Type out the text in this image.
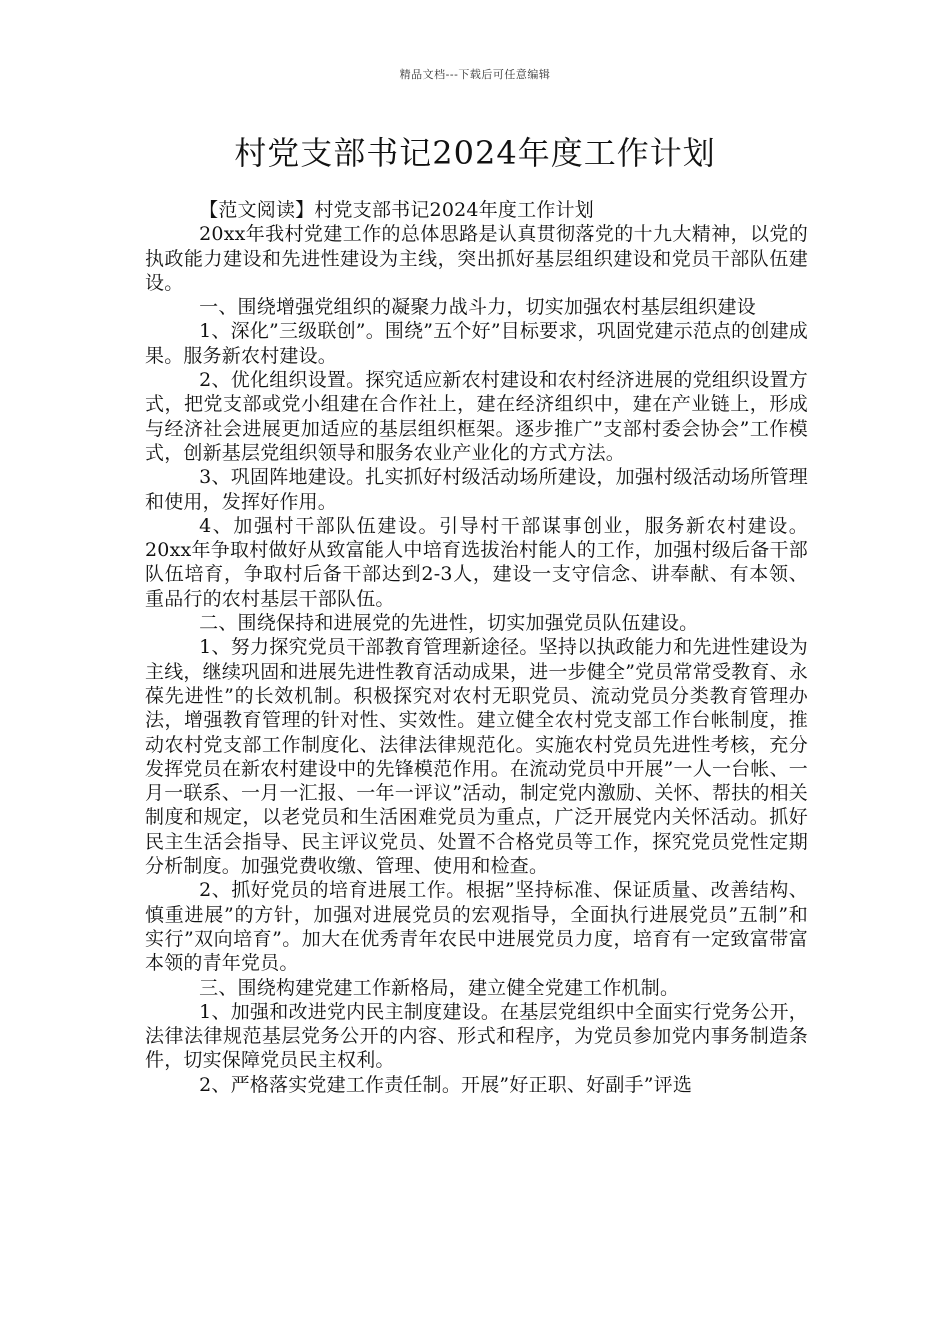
精品文档---下载后可任意编辑
村党支部书记2024年度工作计划

【范文阅读】村党支部书记2024年度工作计划

20xx年我村党建工作的总体思路是认真贯彻落党的十九大精神，以党的执政能力建设和先进性建设为主线，突出抓好基层组织建设和党员干部队伍建设。

一、围绕增强党组织的凝聚力战斗力，切实加强农村基层组织建设

1、深化”三级联创”。围绕”五个好”目标要求，巩固党建示范点的创建成果。服务新农村建设。

2、优化组织设置。探究适应新农村建设和农村经济进展的党组织设置方式，把党支部或党小组建在合作社上，建在经济组织中，建在产业链上，形成与经济社会进展更加适应的基层组织框架。逐步推广”支部村委会协会”工作模式，创新基层党组织领导和服务农业产业化的方式方法。

3、巩固阵地建设。扎实抓好村级活动场所建设，加强村级活动场所管理和使用，发挥好作用。

4、加强村干部队伍建设。引导村干部谋事创业，服务新农村建设。20xx年争取村做好从致富能人中培育选拔治村能人的工作，加强村级后备干部队伍培育，争取村后备干部达到2-3人，建设一支守信念、讲奉献、有本领、重品行的农村基层干部队伍。

二、围绕保持和进展党的先进性，切实加强党员队伍建设。

1、努力探究党员干部教育管理新途径。坚持以执政能力和先进性建设为主线，继续巩固和进展先进性教育活动成果，进一步健全”党员常常受教育、永葆先进性”的长效机制。积极探究对农村无职党员、流动党员分类教育管理办法，增强教育管理的针对性、实效性。建立健全农村党支部工作台帐制度，推动农村党支部工作制度化、法律法律规范化。实施农村党员先进性考核，充分发挥党员在新农村建设中的先锋模范作用。在流动党员中开展”一人一台帐、一月一联系、一月一汇报、一年一评议”活动，制定党内激励、关怀、帮扶的相关制度和规定，以老党员和生活困难党员为重点，广泛开展党内关怀活动。抓好民主生活会指导、民主评议党员、处置不合格党员等工作，探究党员党性定期分析制度。加强党费收缴、管理、使用和检查。

2、抓好党员的培育进展工作。根据”坚持标准、保证质量、改善结构、慎重进展”的方针，加强对进展党员的宏观指导，全面执行进展党员”五制”和实行”双向培育”。加大在优秀青年农民中进展党员力度，培育有一定致富带富本领的青年党员。

三、围绕构建党建工作新格局，建立健全党建工作机制。

1、加强和改进党内民主制度建设。在基层党组织中全面实行党务公开，法律法律规范基层党务公开的内容、形式和程序，为党员参加党内事务制造条件，切实保障党员民主权利。

2、严格落实党建工作责任制。开展”好正职、好副手”评选
